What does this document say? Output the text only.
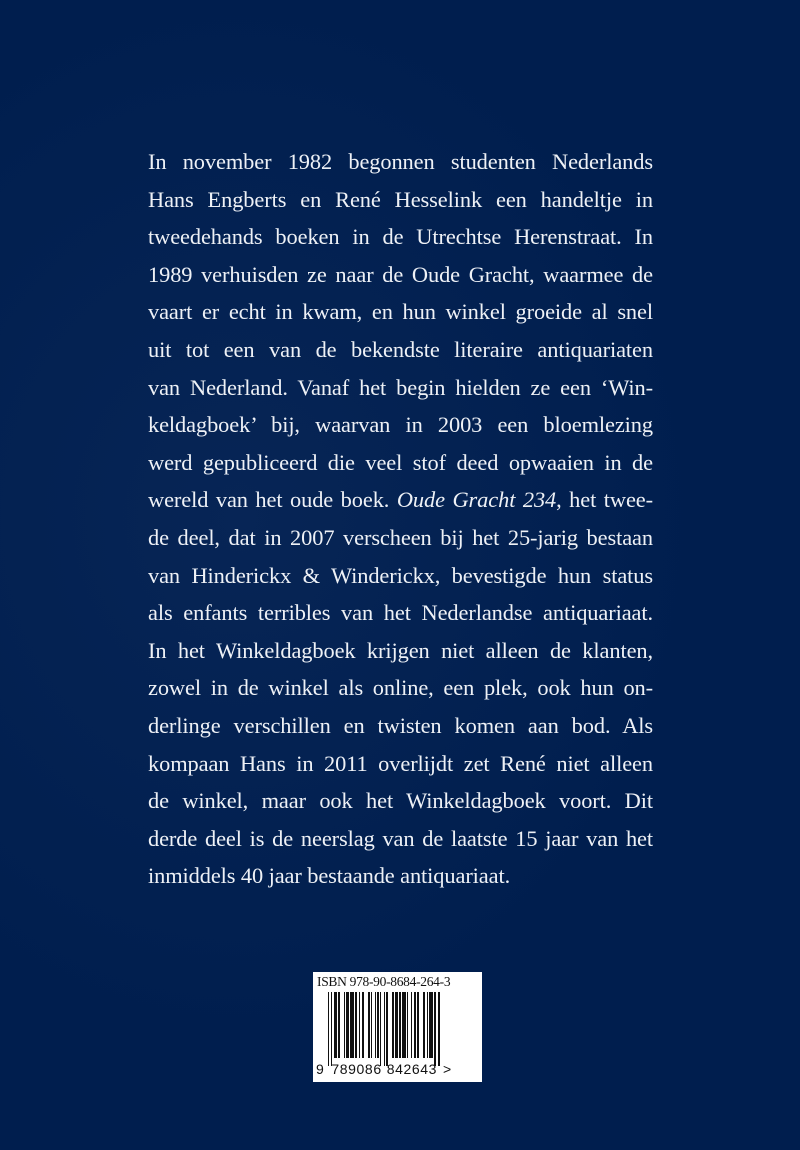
In november 1982 begonnen studenten Nederlands
Hans Engberts en René Hesselink een handeltje in
tweedehands boeken in de Utrechtse Herenstraat. In
1989 verhuisden ze naar de Oude Gracht, waarmee de
vaart er echt in kwam, en hun winkel groeide al snel
uit tot een van de bekendste literaire antiquariaten
van Nederland. Vanaf het begin hielden ze een ‘Win-
keldagboek’ bij, waarvan in 2003 een bloemlezing
werd gepubliceerd die veel stof deed opwaaien in de
wereld van het oude boek. Oude Gracht 234, het twee-
de deel, dat in 2007 verscheen bij het 25-jarig bestaan
van Hinderickx & Winderickx, bevestigde hun status
als enfants terribles van het Nederlandse antiquariaat.
In het Winkeldagboek krijgen niet alleen de klanten,
zowel in de winkel als online, een plek, ook hun on-
derlinge verschillen en twisten komen aan bod. Als
kompaan Hans in 2011 overlijdt zet René niet alleen
de winkel, maar ook het Winkeldagboek voort. Dit
derde deel is de neerslag van de laatste 15 jaar van het
inmiddels 40 jaar bestaande antiquariaat.
ISBN 978-90-8684-264-3
9 789086 842643 >
